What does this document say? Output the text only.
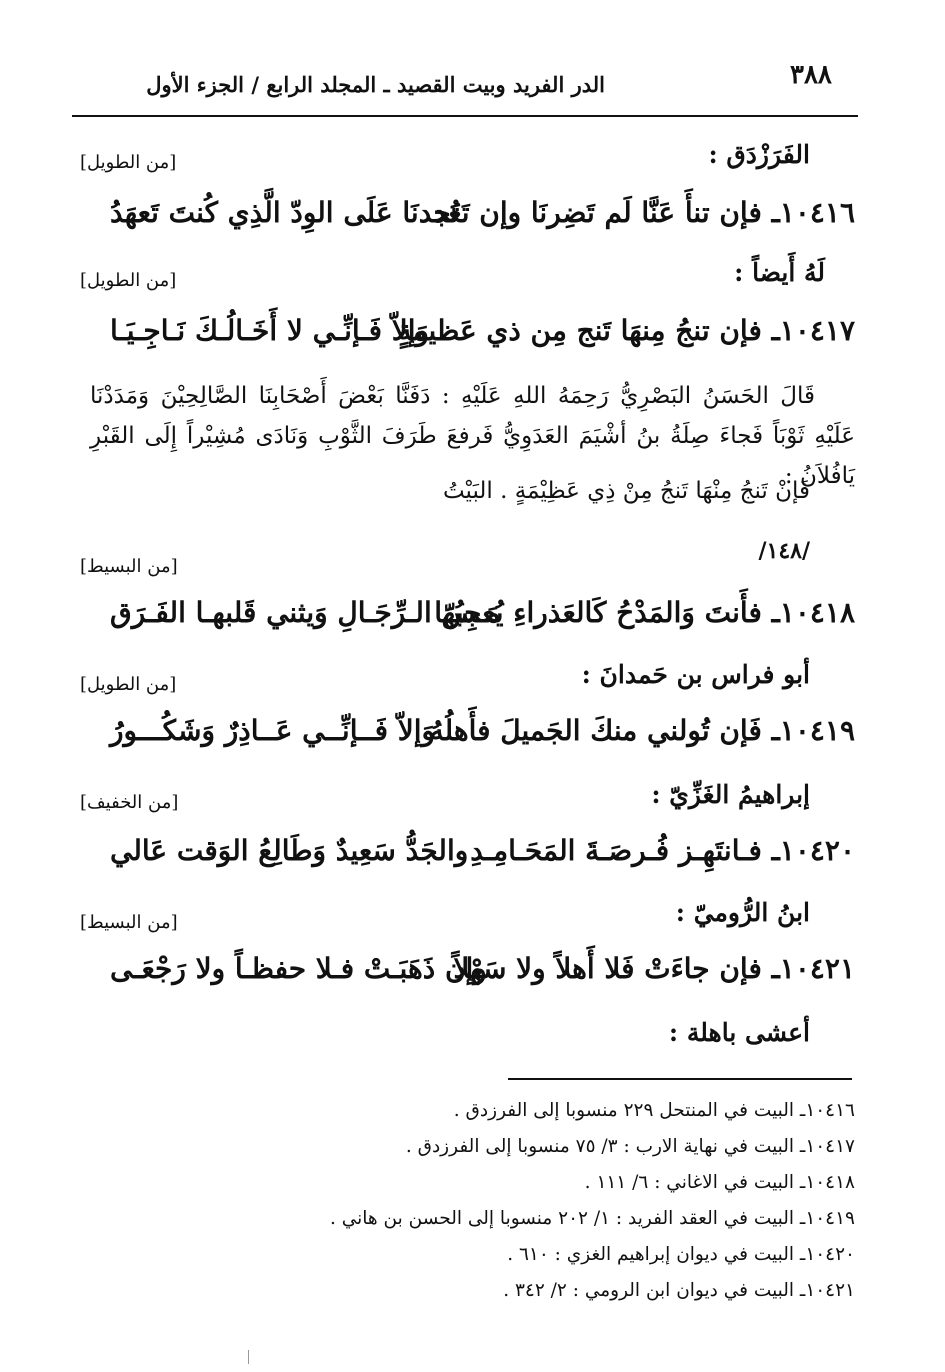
٣٨٨
الدر الفريد وبيت القصيد ـ المجلد الرابع / الجزء الأول
الفَرَزْدَق :
[من الطويل]
١٠٤١٦ـ فإن تنأَ عَنَّا لَم تَضِرنَا وإن تَعُد
تَجدنَا عَلَى الوِدّ الَّذِي كُنتَ تَعهَدُ
لَهُ أَيضاً :
[من الطويل]
١٠٤١٧ـ فإن تنجُ مِنهَا تَنج مِن ذي عَظيمةٍ
وَإلاّ فَـإنِّـي لا أَخَـالُـكَ نَـاجِـيَـا
قَالَ الحَسَنُ البَصْرِيُّ رَحِمَهُ اللهِ عَلَيْهِ : دَفَنَّا بَعْضَ أَصْحَابِنَا الصَّالِحِيْنَ وَمَدَدْنَا عَلَيْهِ ثَوْبَاً فَجاءَ صِلَةُ بنُ أشْيَمَ العَدَوِيُّ فَرفعَ طَرَفَ الثَّوْبِ وَنَادَى مُشِيْراً إِلَى القَبْرِ يَافُلاَنُ :
فَإنْ تَنجُ مِنْهَا تَنجُ مِنْ ذِي عَظِيْمَةٍ . البَيْتُ
/١٤٨/
[من البسيط]
١٠٤١٨ـ فأَنتَ وَالمَدْحُ كَالعَذراءِ يُعجِبُهَا
مَـسّ الـرِّجَـالِ وَيثني قَلبهـا الفَـرَق
أبو فراس بن حَمدانَ :
[من الطويل]
١٠٤١٩ـ فَإن تُولني منكَ الجَميلَ فأَهلُهُ
وَإلاّ فَــإنِّــي عَــاذِرٌ وَشَكُـــورُ
إبراهيمُ الغَزِّيّ :
[من الخفيف]
١٠٤٢٠ـ فـانتَهِـز فُـرصَـةَ المَحَـامِـدِ
والجَدُّ سَعِيدٌ وَطَالِعُ الوَقت عَالي
ابنُ الرُّوميّ :
[من البسيط]
١٠٤٢١ـ فإن جاءَتْ فَلا أَهلاً ولا سَهْلاً
وإن ذَهَبَـتْ فـلا حفظـاً ولا رَجْعَـى
أعشى باهلة :
١٠٤١٦ـ البيت في المنتحل ٢٢٩ منسوبا إلى الفرزدق .
١٠٤١٧ـ البيت في نهاية الارب : ٣/ ٧٥ منسوبا إلى الفرزدق .
١٠٤١٨ـ البيت في الاغاني : ٦/ ١١١ .
١٠٤١٩ـ البيت في العقد الفريد : ١/ ٢٠٢ منسوبا إلى الحسن بن هاني .
١٠٤٢٠ـ البيت في ديوان إبراهيم الغزي : ٦١٠ .
١٠٤٢١ـ البيت في ديوان ابن الرومي : ٢/ ٣٤٢ .
